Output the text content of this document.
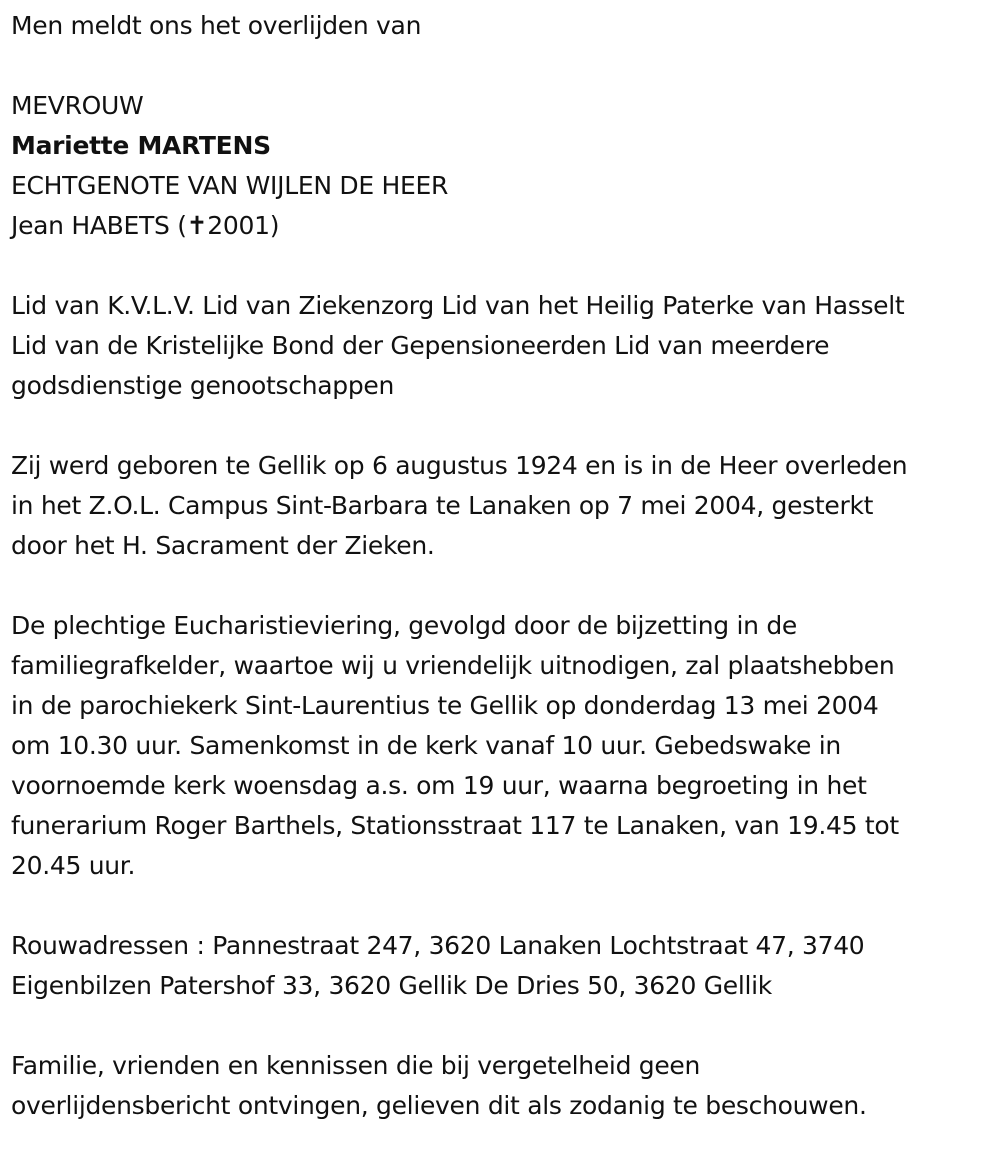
Men meldt ons het overlijden van
MEVROUW
Mariette MARTENS
ECHTGENOTE VAN WIJLEN DE HEER
Jean HABETS (✝2001)
Lid van K.V.L.V. Lid van Ziekenzorg Lid van het Heilig Paterke van Hasselt
Lid van de Kristelijke Bond der Gepensioneerden Lid van meerdere
godsdienstige genootschappen
Zij werd geboren te Gellik op 6 augustus 1924 en is in de Heer overleden
in het Z.O.L. Campus Sint-Barbara te Lanaken op 7 mei 2004, gesterkt
door het H. Sacrament der Zieken.
De plechtige Eucharistieviering, gevolgd door de bijzetting in de
familiegrafkelder, waartoe wij u vriendelijk uitnodigen, zal plaatshebben
in de parochiekerk Sint-Laurentius te Gellik op donderdag 13 mei 2004
om 10.30 uur. Samenkomst in de kerk vanaf 10 uur. Gebedswake in
voornoemde kerk woensdag a.s. om 19 uur, waarna begroeting in het
funerarium Roger Barthels, Stationsstraat 117 te Lanaken, van 19.45 tot
20.45 uur.
Rouwadressen : Pannestraat 247, 3620 Lanaken Lochtstraat 47, 3740
Eigenbilzen Patershof 33, 3620 Gellik De Dries 50, 3620 Gellik
Familie, vrienden en kennissen die bij vergetelheid geen
overlijdensbericht ontvingen, gelieven dit als zodanig te beschouwen.
